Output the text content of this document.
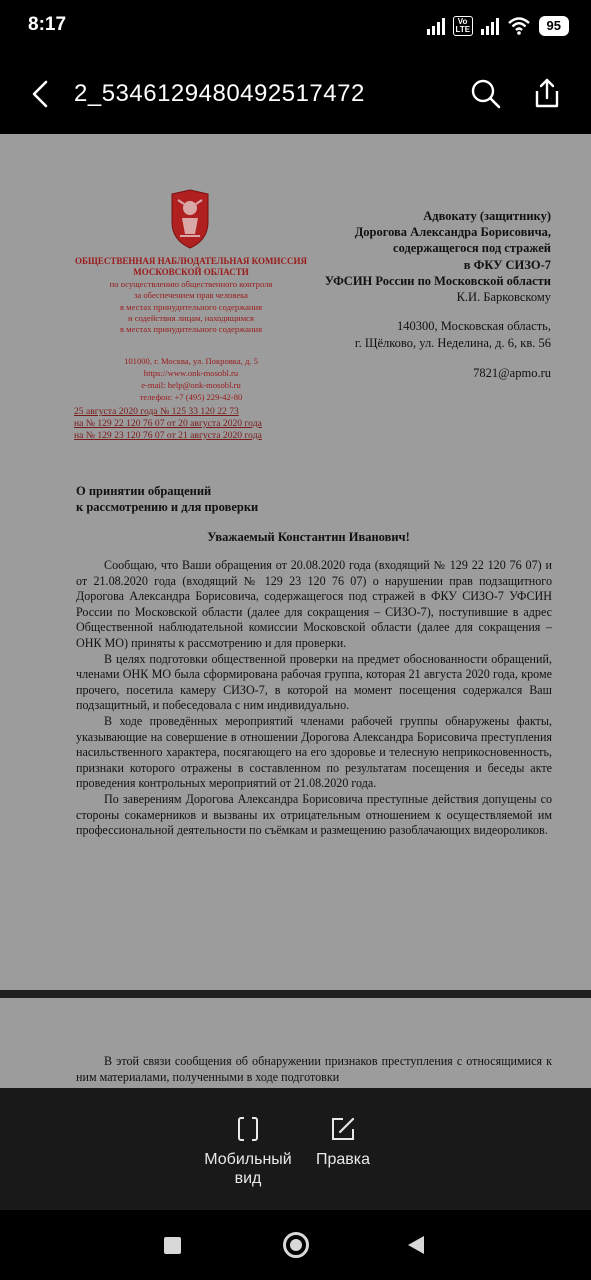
8:17	Vo LTE	95
2_5346129480492517472
ОБЩЕСТВЕННАЯ НАБЛЮДАТЕЛЬНАЯ КОМИССИЯ
МОСКОВСКОЙ ОБЛАСТИ
по осуществлению общественного контроля
за обеспечением прав человека
в местах принудительного содержания
и содействия лицам, находящимся
в местах принудительного содержания
101000, г. Москва, ул. Покровка, д. 5
https://www.onk-mosobl.ru
e-mail: help@onk-mosobl.ru
телефон: +7 (495) 229-42-80
25 августа 2020 года № 125 33 120 22 73
на № 129 22 120 76 07 от 20 августа 2020 года
на № 129 23 120 76 07 от 21 августа 2020 года
Адвокату (защитнику)
Дорогова Александра Борисовича,
содержащегося под стражей
в ФКУ СИЗО-7
УФСИН России по Московской области
К.И. Барковскому
140300, Московская область,
г. Щёлково, ул. Неделина, д. 6, кв. 56
7821@apmo.ru
О принятии обращений
к рассмотрению и для проверки
Уважаемый Константин Иванович!

Сообщаю, что Ваши обращения от 20.08.2020 года (входящий № 129 22 120 76 07) и от 21.08.2020 года (входящий № 129 23 120 76 07) о нарушении прав подзащитного Дорогова Александра Борисовича, содержащегося под стражей в ФКУ СИЗО-7 УФСИН России по Московской области (далее для сокращения – СИЗО-7), поступившие в адрес Общественной наблюдательной комиссии Московской области (далее для сокращения – ОНК МО) приняты к рассмотрению и для проверки.

В целях подготовки общественной проверки на предмет обоснованности обращений, членами ОНК МО была сформирована рабочая группа, которая 21 августа 2020 года, кроме прочего, посетила камеру СИЗО-7, в которой на момент посещения содержался Ваш подзащитный, и побеседовала с ним индивидуально.

В ходе проведённых мероприятий членами рабочей группы обнаружены факты, указывающие на совершение в отношении Дорогова Александра Борисовича преступления насильственного характера, посягающего на его здоровье и телесную неприкосновенность, признаки которого отражены в составленном по результатам посещения и беседы акте проведения контрольных мероприятий от 21.08.2020 года.

По заверениям Дорогова Александра Борисовича преступные действия допущены со стороны сокамерников и вызваны их отрицательным отношением к осуществляемой им профессиональной деятельности по съёмкам и размещению разоблачающих видеороликов.

В этой связи сообщения об обнаружении признаков преступления с относящимися к ним материалами, полученными в ходе подготовки
Мобильный вид
Правка
